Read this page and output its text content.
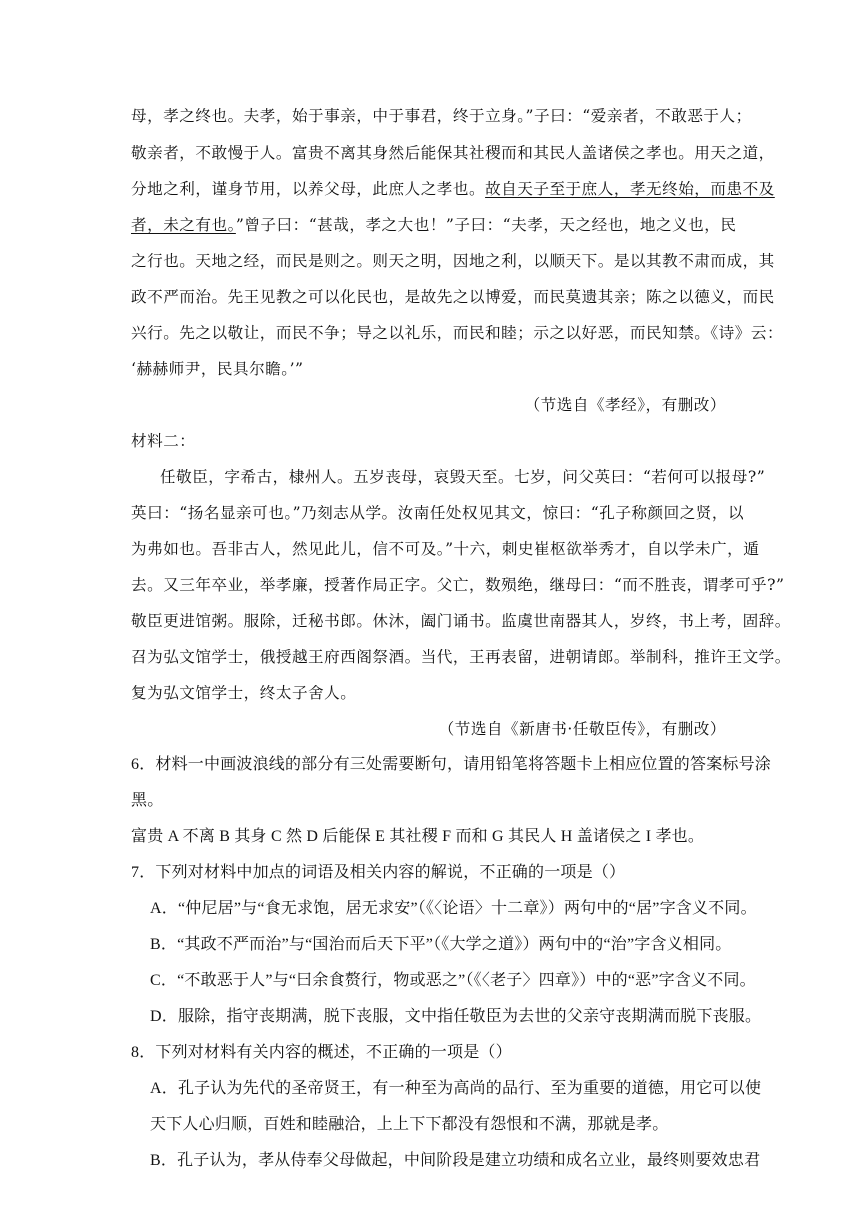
母，孝之终也。夫孝，始于事亲，中于事君，终于立身。”子曰：“爱亲者，不敢恶于人；
敬亲者，不敢慢于人。富贵不离其身然后能保其社稷而和其民人盖诸侯之孝也。用天之道，
分地之利，谨身节用，以养父母，此庶人之孝也。故自天子至于庶人，孝无终始，而患不及
者，未之有也。”曾子曰：“甚哉，孝之大也！”子曰：“夫孝，天之经也，地之义也，民
之行也。天地之经，而民是则之。则天之明，因地之利，以顺天下。是以其教不肃而成，其
政不严而治。先王见教之可以化民也，是故先之以博爱，而民莫遗其亲；陈之以德义，而民
兴行。先之以敬让，而民不争；导之以礼乐，而民和睦；示之以好恶，而民知禁。《诗》云：
‘赫赫师尹，民具尔瞻。’”
（节选自《孝经》，有删改）
材料二：
任敬臣，字希古，棣州人。五岁丧母，哀毁天至。七岁，问父英曰：“若何可以报母?”
英曰：“扬名显亲可也。”乃刻志从学。汝南任处权见其文，惊曰：“孔子称颜回之贤，以
为弗如也。吾非古人，然见此儿，信不可及。”十六，刺史崔枢欲举秀才，自以学未广，遁
去。又三年卒业，举孝廉，授著作局正字。父亡，数殒绝，继母曰：“而不胜丧，谓孝可乎?”
敬臣更进馆粥。服除，迁秘书郎。休沐，阖门诵书。监虞世南器其人，岁终，书上考，固辞。
召为弘文馆学士，俄授越王府西阁祭酒。当代，王再表留，进朝请郎。举制科，推许王文学。
复为弘文馆学士，终太子舍人。
（节选自《新唐书·任敬臣传》，有删改）
6．材料一中画波浪线的部分有三处需要断句，请用铅笔将答题卡上相应位置的答案标号涂
黑。
富贵 A 不离 B 其身 C 然 D 后能保 E 其社稷 F 而和 G 其民人 H 盖诸侯之 I 孝也。
7．下列对材料中加点的词语及相关内容的解说，不正确的一项是（）
A．“仲尼居”与“食无求饱，居无求安”（《〈论语〉十二章》）两句中的“居”字含义不同。
B．“其政不严而治”与“国治而后天下平”（《大学之道》）两句中的“治”字含义相同。
C．“不敢恶于人”与“曰余食赘行，物或恶之”（《〈老子〉四章》）中的“恶”字含义不同。
D．服除，指守丧期满，脱下丧服，文中指任敬臣为去世的父亲守丧期满而脱下丧服。
8．下列对材料有关内容的概述，不正确的一项是（）
A．孔子认为先代的圣帝贤王，有一种至为高尚的品行、至为重要的道德，用它可以使
天下人心归顺，百姓和睦融洽，上上下下都没有怨恨和不满，那就是孝。
B．孔子认为，孝从侍奉父母做起，中间阶段是建立功绩和成名立业，最终则要效忠君
